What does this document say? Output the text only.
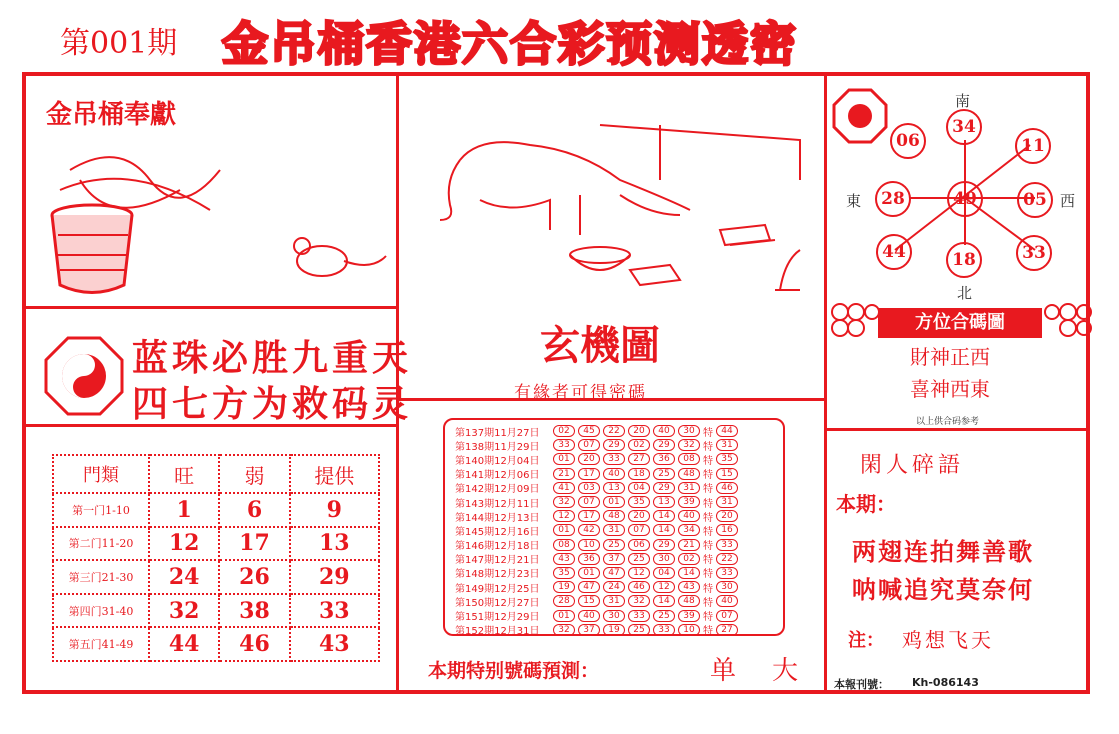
第001期 金吊桶香港六合彩预测透密
金吊桶奉獻
蓝珠必胜九重天
四七方为救码灵
門類	旺	弱	提供
第一门1-10	1	6	9
第二门11-20	12	17	13
第三门21-30	24	26	29
第四门31-40	32	38	33
第五门41-49	44	46	43
玄機圖
有緣者可得密碼
第137期11月27日	02	45	22	20	40	30 特 44
第138期11月29日	33	07	29	02	29	32 特 31
第140期12月04日	01	20	33	27	36	08 特 35
第141期12月06日	21	17	40	18	25	48 特 15
第142期12月09日	41	03	13	04	29	31 特 46
第143期12月11日	32	07	01	35	13	39 特 31
第144期12月13日	12	17	48	20	14	40 特 20
第145期12月16日	01	42	31	07	14	34 特 16
第146期12月18日	08	10	25	06	29	21 特 33
第147期12月21日	43	36	37	25	30	02 特 22
第148期12月23日	35	01	47	12	04	14 特 33
第149期12月25日	19	47	24	46	12	43 特 30
第150期12月27日	28	15	31	32	14	48 特 40
第151期12月29日	01	40	30	33	25	39 特 07
第152期12月31日	32	37	19	25	33	10 特 27
本期特别號碼預測：	单 大
南
北
東	西
34
06	11
28	49	05
44	18	33
方位合碼圖
財神正西
喜神西東
以上供合码参考
閑人碎語
本期：
两翅连拍舞善歌
呐喊追究莫奈何
注： 鸡想飞天
本報刊號： Kh-086143
